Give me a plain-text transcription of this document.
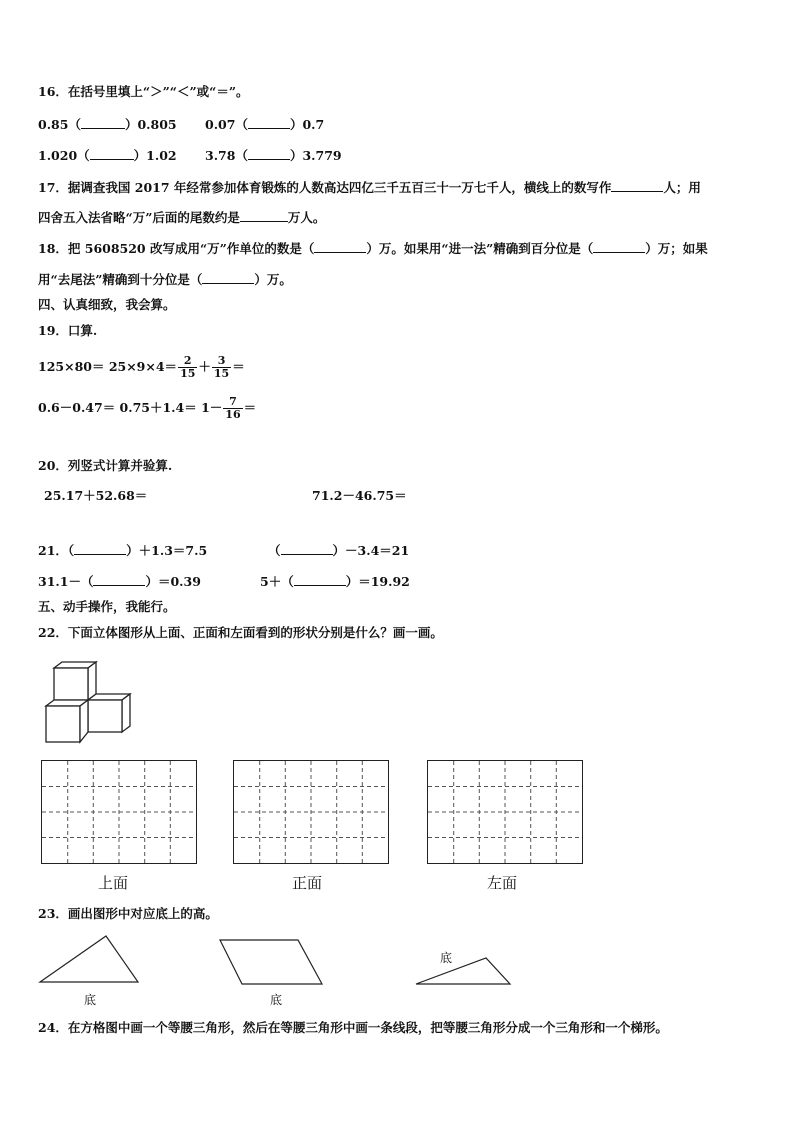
16．在括号里填上“＞”“＜”或“＝”。
0.85（	）0.805 0.07（	）0.7
1.020（	）1.02 3.78（	）3.779
17．据调查我国 2017 年经常参加体育锻炼的人数高达四亿三千五百三十一万七千人，横线上的数写作	人；用
四舍五入法省略“万”后面的尾数约是	万人。
18．把 5608520 改写成用“万”作单位的数是（	）万。如果用“进一法”精确到百分位是（	）万；如果
用“去尾法”精确到十分位是（	）万。
四、认真细致，我会算。
19．口算.
$125\times 80= 25\times 9\times 4= \frac{2}{15} + \frac{3}{15}$ ＝
$0.6-0.47= 0.75+1.4= 1- \frac{7}{16}$ ＝
20．列竖式计算并验算.
25.17＋52.68＝	71.2－46.75＝
21．（	）＋1.3＝7.5	（	）－3.4＝21
31.1－（	）＝0.39	5＋（	）＝19.92
五、动手操作，我能行。
22．下面立体图形从上面、正面和左面看到的形状分别是什么？画一画。
上面	正面	左面
23．画出图形中对应底上的高。
底	底
底
24．在方格图中画一个等腰三角形，然后在等腰三角形中画一条线段，把等腰三角形分成一个三角形和一个梯形。
